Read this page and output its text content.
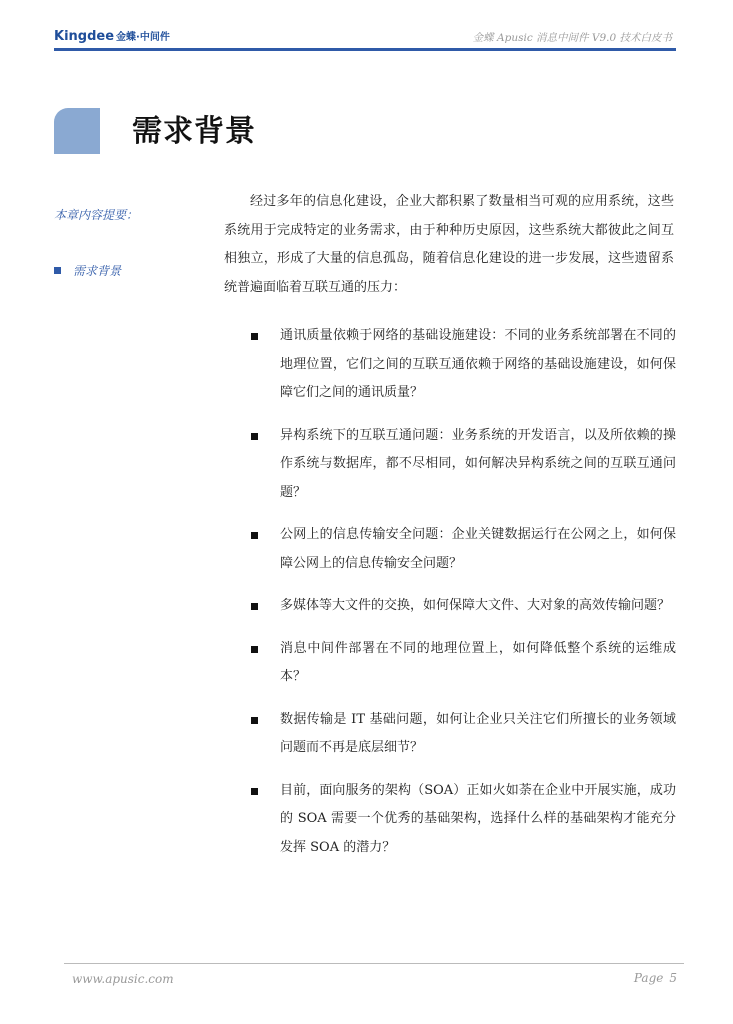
Kingdee 金蝶·中间件	金蝶 Apusic 消息中间件 V9.0 技术白皮书
需求背景
本章内容提要：
需求背景

经过多年的信息化建设，企业大都积累了数量相当可观的应用系统，这些系统用于完成特定的业务需求，由于种种历史原因，这些系统大都彼此之间互相独立，形成了大量的信息孤岛，随着信息化建设的进一步发展，这些遗留系统普遍面临着互联互通的压力：

通讯质量依赖于网络的基础设施建设：不同的业务系统部署在不同的地理位置，它们之间的互联互通依赖于网络的基础设施建设，如何保障它们之间的通讯质量？
异构系统下的互联互通问题：业务系统的开发语言，以及所依赖的操作系统与数据库，都不尽相同，如何解决异构系统之间的互联互通问题？
公网上的信息传输安全问题：企业关键数据运行在公网之上，如何保障公网上的信息传输安全问题？
多媒体等大文件的交换，如何保障大文件、大对象的高效传输问题？
消息中间件部署在不同的地理位置上，如何降低整个系统的运维成本？
数据传输是 IT 基础问题，如何让企业只关注它们所擅长的业务领域问题而不再是底层细节？
目前，面向服务的架构（SOA）正如火如荼在企业中开展实施，成功的 SOA 需要一个优秀的基础架构，选择什么样的基础架构才能充分发挥 SOA 的潜力？
www.apusic.com	Page 5
